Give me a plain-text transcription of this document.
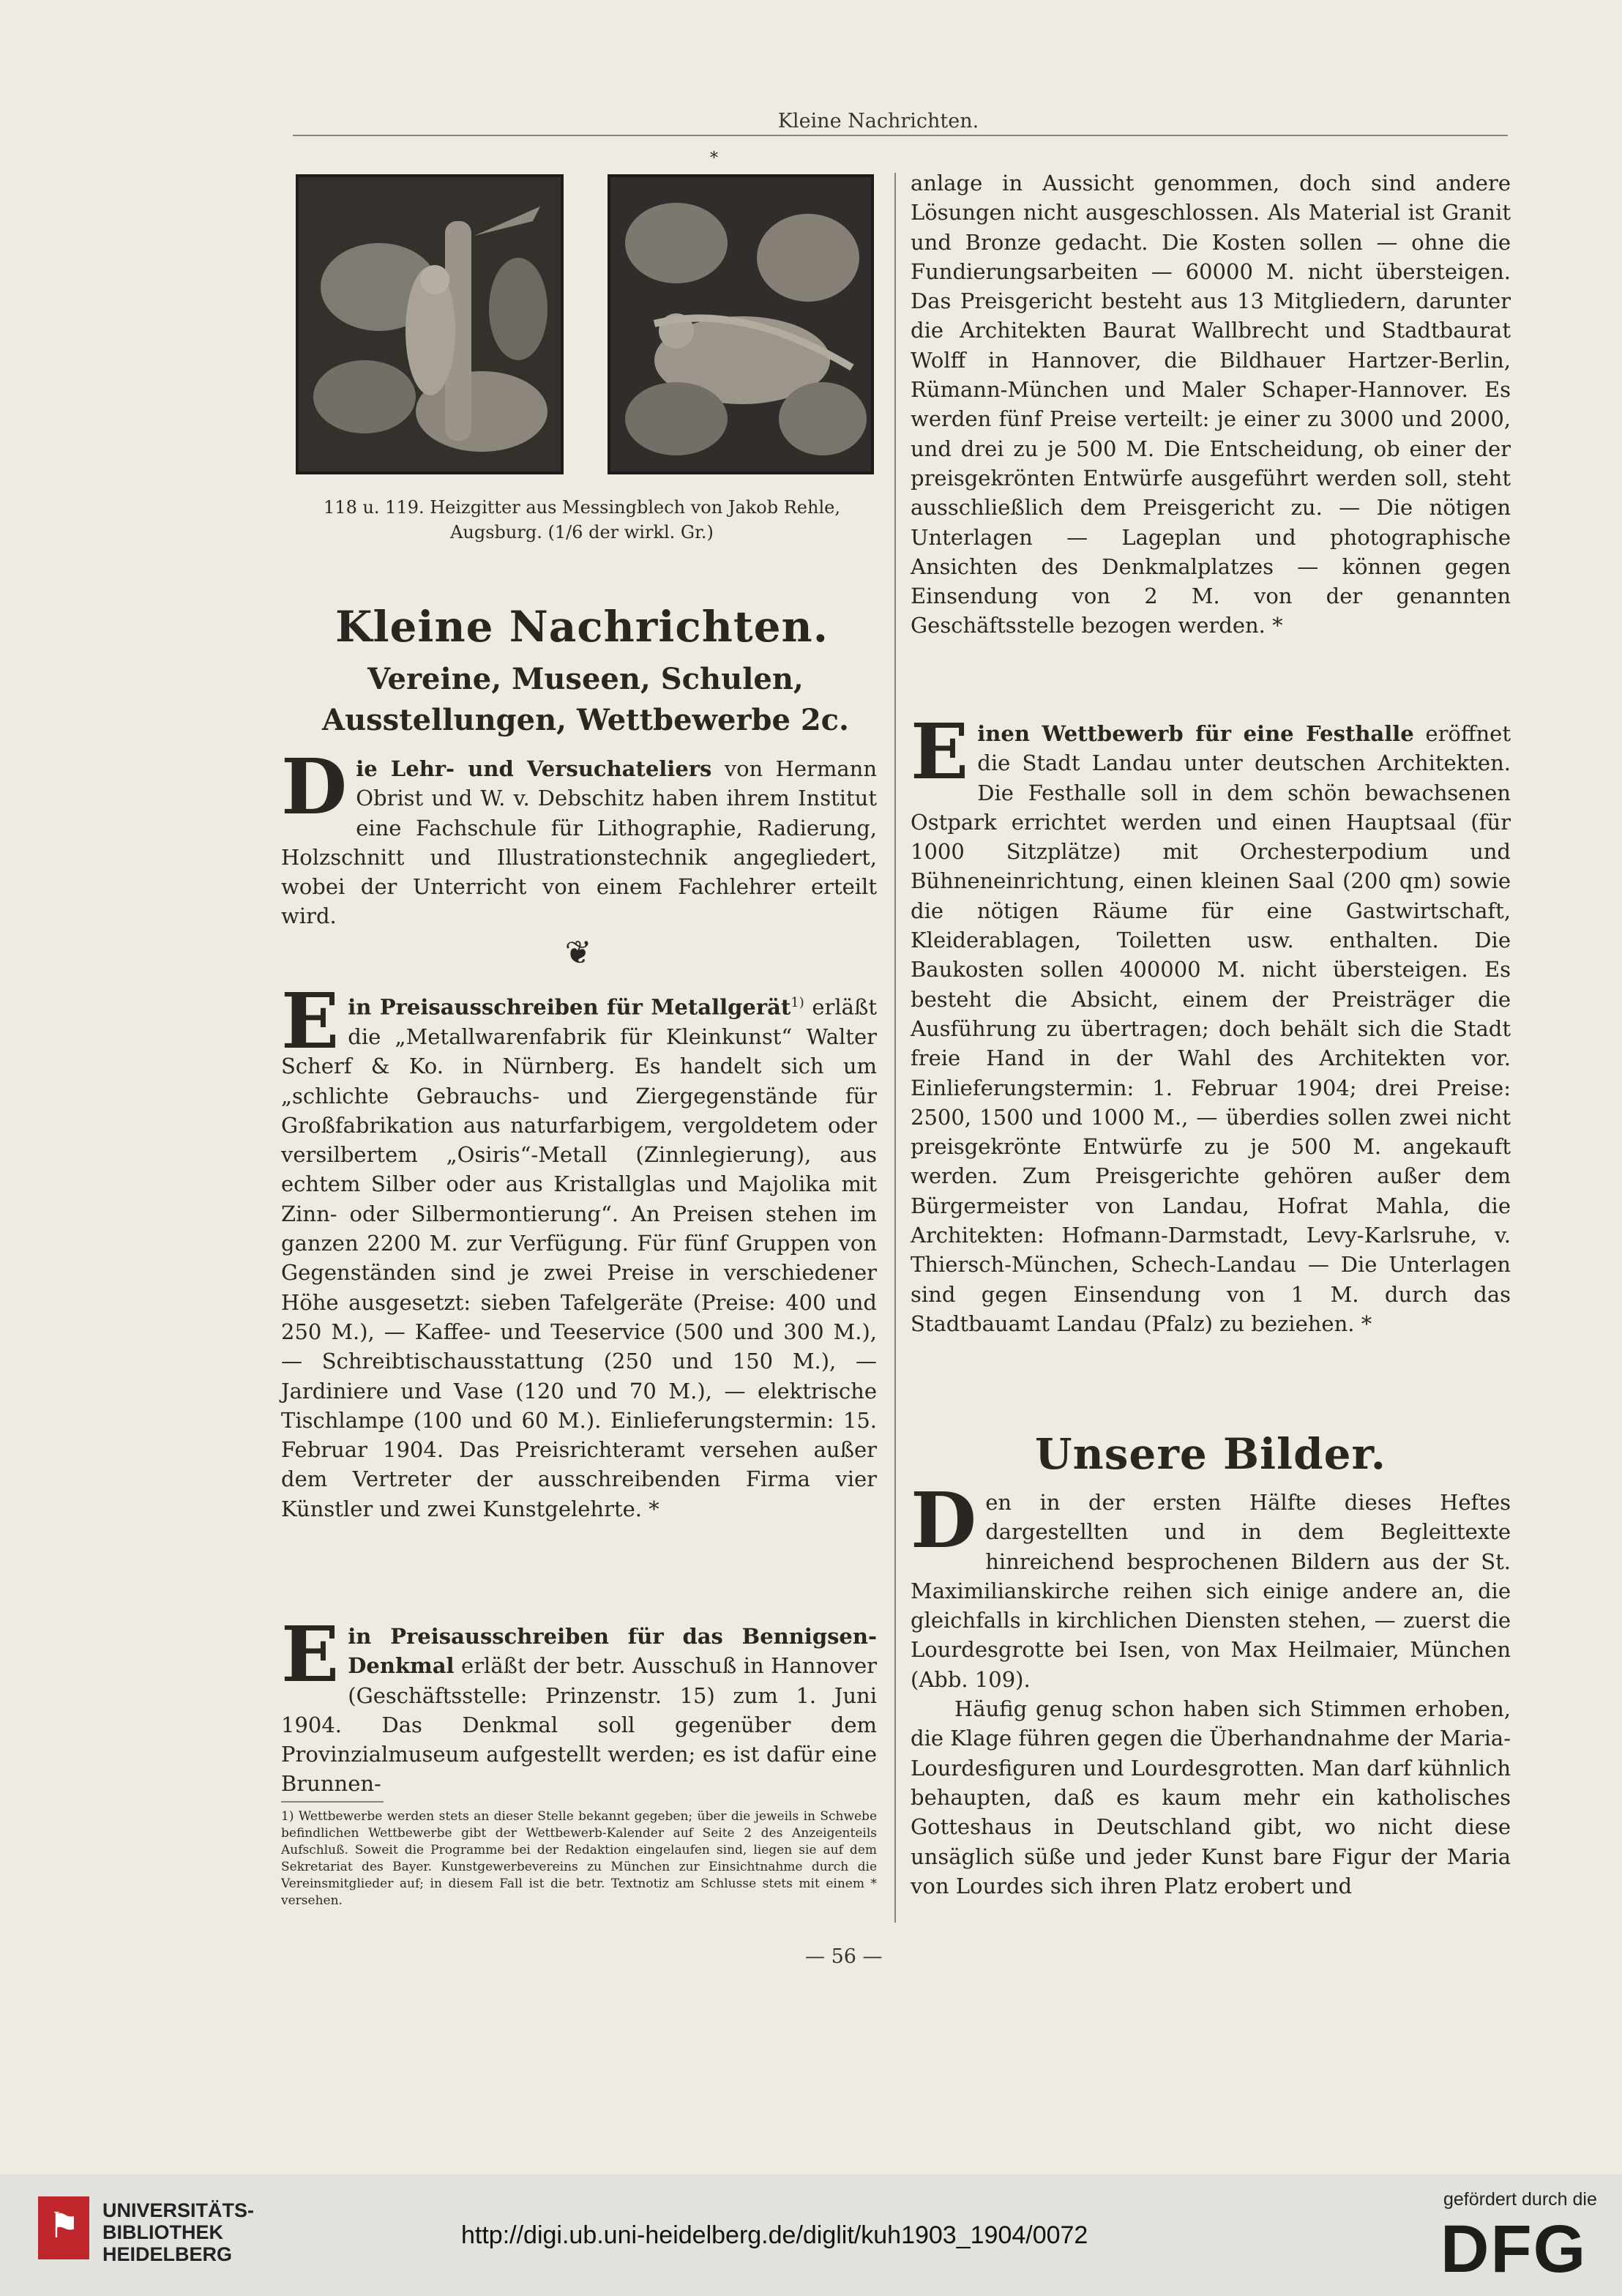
Kleine Nachrichten.
*
118 u. 119. Heizgitter aus Messingblech von Jakob Rehle, Augsburg. (1/6 der wirkl. Gr.)
Kleine Nachrichten.
Vereine, Museen, Schulen, Ausstellungen, Wettbewerbe 2c.

Die Lehr- und Versuchateliers von Hermann Obrist und W. v. Debschitz haben ihrem Institut eine Fachschule für Lithographie, Radierung, Holzschnitt und Illustrationstechnik angegliedert, wobei der Unterricht von einem Fachlehrer erteilt wird.

❦

Ein Preisausschreiben für Metallgerät$^{1)}$ erläßt die „Metallwarenfabrik für Kleinkunst“ Walter Scherf & Ko. in Nürnberg. Es handelt sich um „schlichte Gebrauchs- und Ziergegenstände für Großfabrikation aus naturfarbigem, vergoldetem oder versilbertem „Osiris“-Metall (Zinnlegierung), aus echtem Silber oder aus Kristallglas und Majolika mit Zinn- oder Silbermontierung“. An Preisen stehen im ganzen 2200 M. zur Verfügung. Für fünf Gruppen von Gegenständen sind je zwei Preise in verschiedener Höhe ausgesetzt: sieben Tafelgeräte (Preise: 400 und 250 M.), — Kaffee- und Teeservice (500 und 300 M.), — Schreibtischausstattung (250 und 150 M.), — Jardiniere und Vase (120 und 70 M.), — elektrische Tischlampe (100 und 60 M.). Einlieferungstermin: 15. Februar 1904. Das Preisrichteramt versehen außer dem Vertreter der ausschreibenden Firma vier Künstler und zwei Kunstgelehrte. *

Ein Preisausschreiben für das Bennigsen-Denkmal erläßt der betr. Ausschuß in Hannover (Geschäftsstelle: Prinzenstr. 15) zum 1. Juni 1904. Das Denkmal soll gegenüber dem Provinzialmuseum aufgestellt werden; es ist dafür eine Brunnen-

1) Wettbewerbe werden stets an dieser Stelle bekannt gegeben; über die jeweils in Schwebe befindlichen Wettbewerbe gibt der Wettbewerb-Kalender auf Seite 2 des Anzeigenteils Aufschluß. Soweit die Programme bei der Redaktion eingelaufen sind, liegen sie auf dem Sekretariat des Bayer. Kunstgewerbevereins zu München zur Einsichtnahme durch die Vereinsmitglieder auf; in diesem Fall ist die betr. Textnotiz am Schlusse stets mit einem * versehen.

anlage in Aussicht genommen, doch sind andere Lösungen nicht ausgeschlossen. Als Material ist Granit und Bronze gedacht. Die Kosten sollen — ohne die Fundierungsarbeiten — 60000 M. nicht übersteigen. Das Preisgericht besteht aus 13 Mitgliedern, darunter die Architekten Baurat Wallbrecht und Stadtbaurat Wolff in Hannover, die Bildhauer Hartzer-Berlin, Rümann-München und Maler Schaper-Hannover. Es werden fünf Preise verteilt: je einer zu 3000 und 2000, und drei zu je 500 M. Die Entscheidung, ob einer der preisgekrönten Entwürfe ausgeführt werden soll, steht ausschließlich dem Preisgericht zu. — Die nötigen Unterlagen — Lageplan und photographische Ansichten des Denkmalplatzes — können gegen Einsendung von 2 M. von der genannten Geschäftsstelle bezogen werden. *

Einen Wettbewerb für eine Festhalle eröffnet die Stadt Landau unter deutschen Architekten. Die Festhalle soll in dem schön bewachsenen Ostpark errichtet werden und einen Hauptsaal (für 1000 Sitzplätze) mit Orchesterpodium und Bühneneinrichtung, einen kleinen Saal (200 qm) sowie die nötigen Räume für eine Gastwirtschaft, Kleiderablagen, Toiletten usw. enthalten. Die Baukosten sollen 400000 M. nicht übersteigen. Es besteht die Absicht, einem der Preisträger die Ausführung zu übertragen; doch behält sich die Stadt freie Hand in der Wahl des Architekten vor. Einlieferungstermin: 1. Februar 1904; drei Preise: 2500, 1500 und 1000 M., — überdies sollen zwei nicht preisgekrönte Entwürfe zu je 500 M. angekauft werden. Zum Preisgerichte gehören außer dem Bürgermeister von Landau, Hofrat Mahla, die Architekten: Hofmann-Darmstadt, Levy-Karlsruhe, v. Thiersch-München, Schech-Landau — Die Unterlagen sind gegen Einsendung von 1 M. durch das Stadtbauamt Landau (Pfalz) zu beziehen. *

Unsere Bilder.

Den in der ersten Hälfte dieses Heftes dargestellten und in dem Begleittexte hinreichend besprochenen Bildern aus der St. Maximilianskirche reihen sich einige andere an, die gleichfalls in kirchlichen Diensten stehen, — zuerst die Lourdesgrotte bei Isen, von Max Heilmaier, München (Abb. 109).

Häufig genug schon haben sich Stimmen erhoben, die Klage führen gegen die Überhandnahme der Maria-Lourdesfiguren und Lourdesgrotten. Man darf kühnlich behaupten, daß es kaum mehr ein katholisches Gotteshaus in Deutschland gibt, wo nicht diese unsäglich süße und jeder Kunst bare Figur der Maria von Lourdes sich ihren Platz erobert und

— 56 —
⚑ UNIVERSITÄTS-
BIBLIOTHEK
HEIDELBERG
http://digi.ub.uni-heidelberg.de/diglit/kuh1903_1904/0072
gefördert durch die
DFG
